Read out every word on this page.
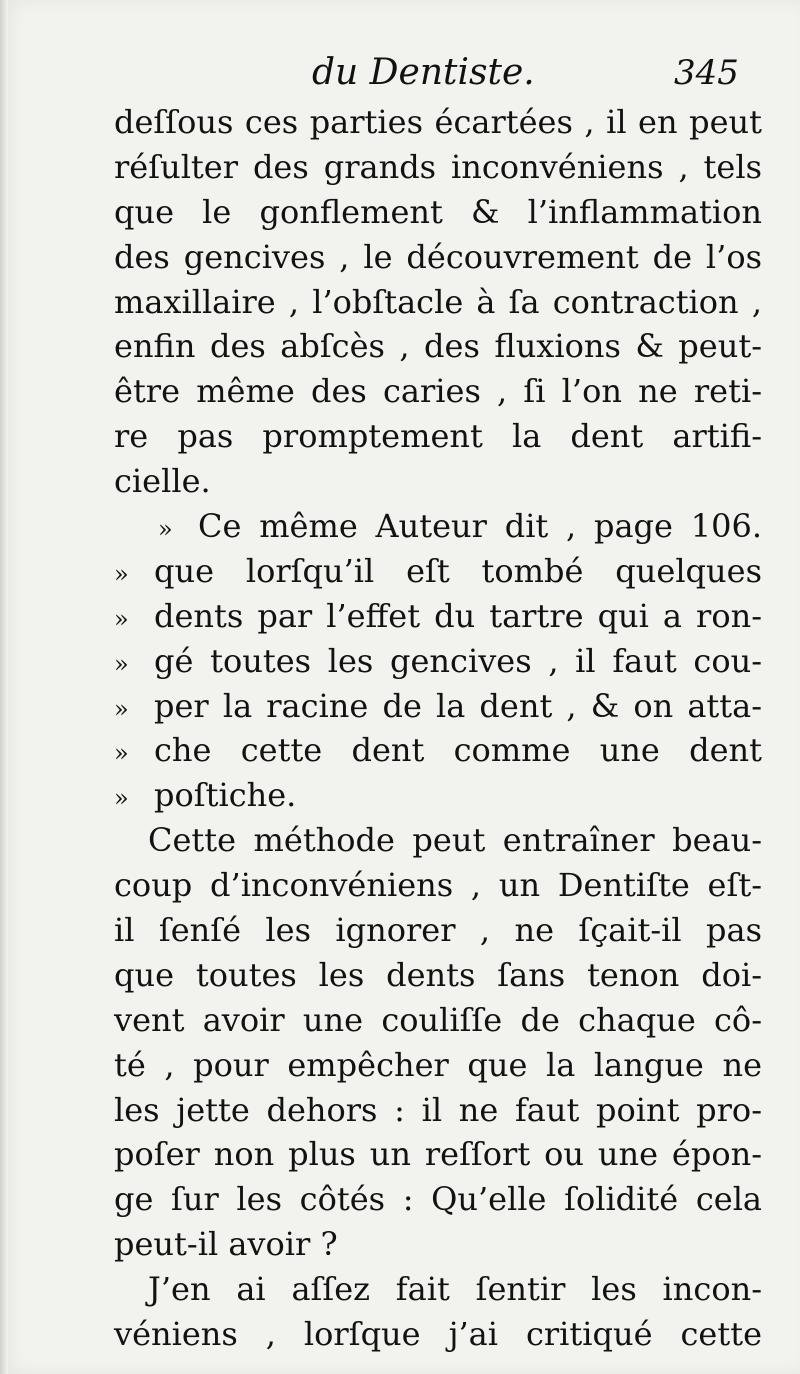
du Dentiste.	345
deſſous ces parties écartées , il en peut
réſulter des grands inconvéniens , tels
que le gonflement & l’inflammation
des gencives , le découvrement de l’os
maxillaire , l’obſtacle à ſa contraction ,
enfin des abſcès , des fluxions & peut-
être même des caries , ſi l’on ne reti-
re pas promptement la dent artifi-
cielle.
» Ce même Auteur dit , page 106.
» que lorſqu’il eſt tombé quelques
» dents par l’effet du tartre qui a ron-
» gé toutes les gencives , il faut cou-
» per la racine de la dent , & on atta-
» che cette dent comme une dent
» poſtiche.
Cette méthode peut entraîner beau-
coup d’inconvéniens , un Dentiſte eſt-
il ſenſé les ignorer , ne ſçait-il pas
que toutes les dents ſans tenon doi-
vent avoir une couliſſe de chaque cô-
té , pour empêcher que la langue ne
les jette dehors : il ne faut point pro-
poſer non plus un reſſort ou une épon-
ge ſur les côtés : Qu’elle ſolidité cela
peut-il avoir ?
J’en ai aſſez fait ſentir les incon-
véniens , lorſque j’ai critiqué cette
